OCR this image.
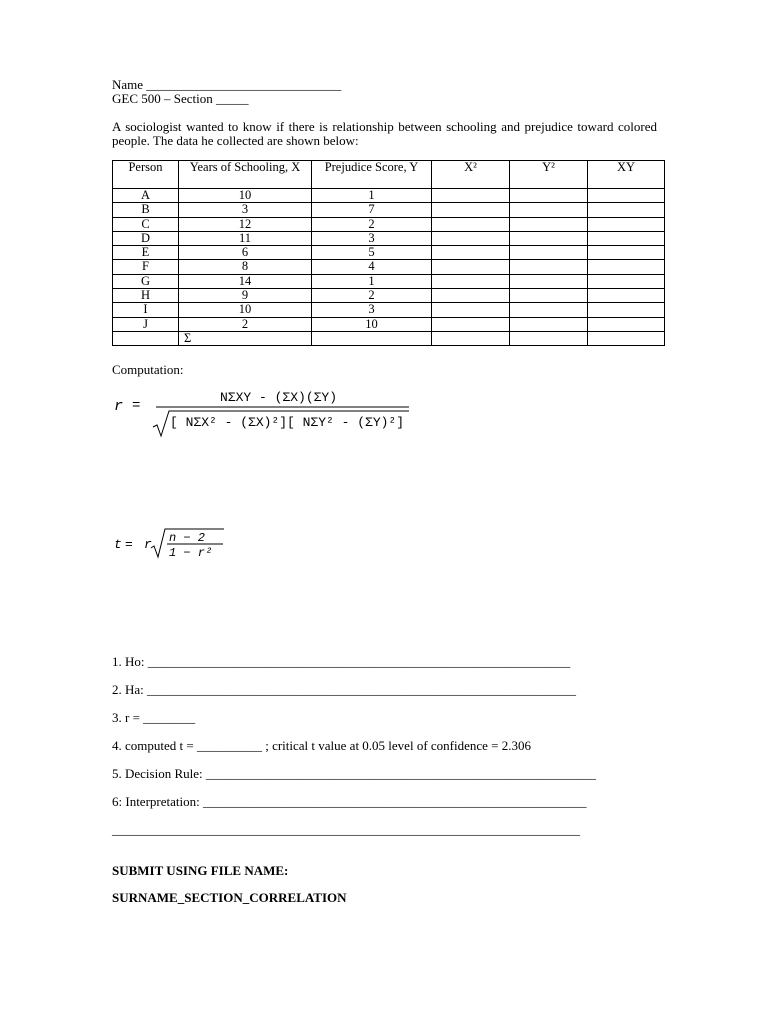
Name ______________________________
GEC 500 – Section _____
A sociologist wanted to know if there is relationship between schooling and prejudice toward colored people. The data he collected are shown below:
Person	Years of Schooling, X	Prejudice Score, Y	X²	Y²	XY
A	10	1			
B	3	7			
C	12	2			
D	11	3			
E	6	5			
F	8	4			
G	14	1			
H	9	2			
I	10	3			
J	2	10			
	Σ				
Computation:
r =
NΣXY - (ΣX)(ΣY)
[ NΣX² - (ΣX)²][ NΣY² - (ΣY)²]
t = r n − 2
1 − r²
1. Ho: _________________________________________________________________
2. Ha: __________________________________________________________________
3. r = ________
4. computed t = __________ ; critical t value at 0.05 level of confidence = 2.306
5. Decision Rule: ____________________________________________________________
6: Interpretation: ___________________________________________________________
________________________________________________________________________
SUBMIT USING FILE NAME:
SURNAME_SECTION_CORRELATION
